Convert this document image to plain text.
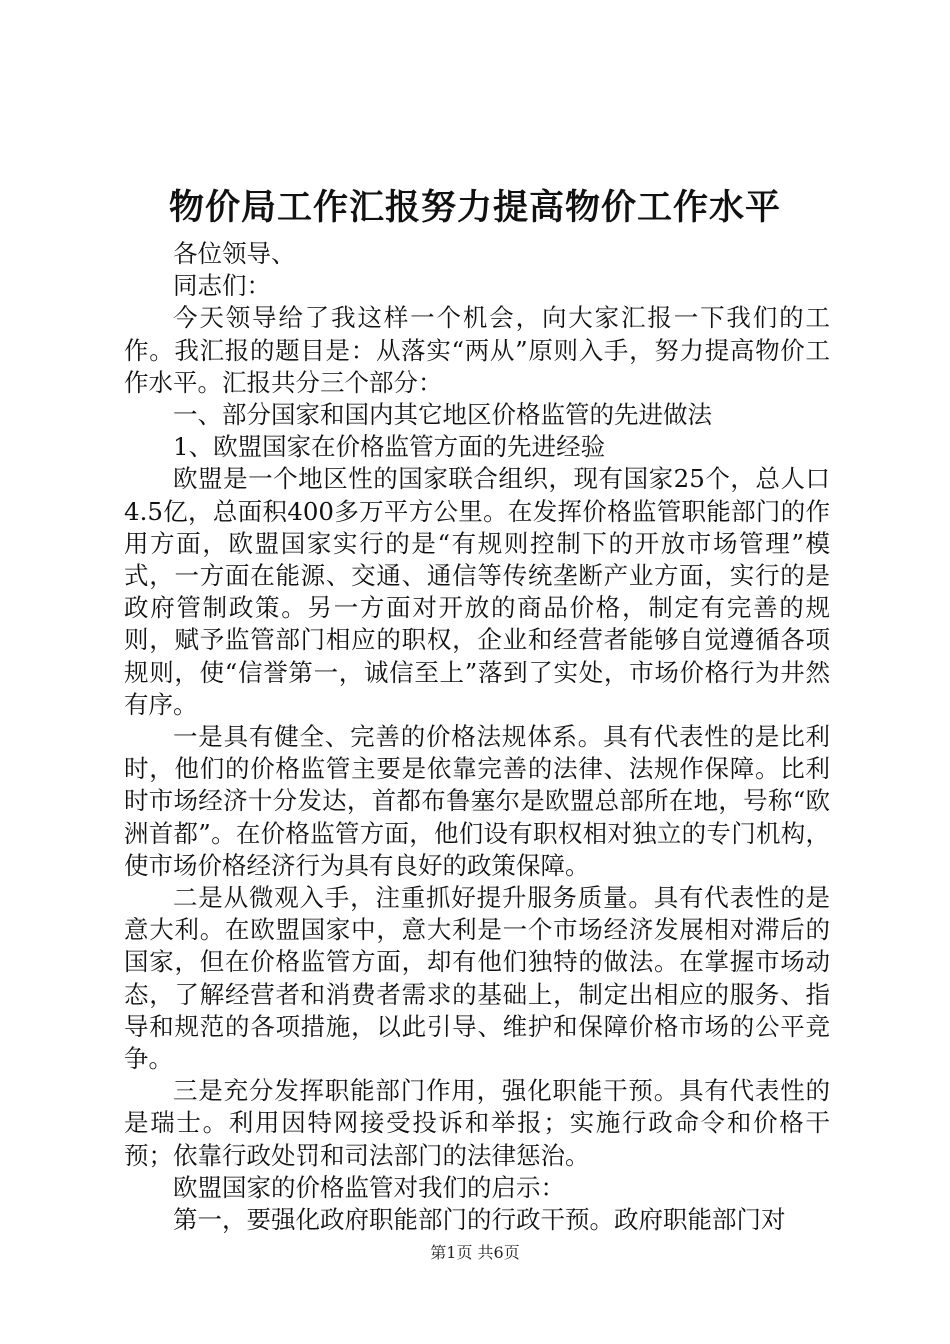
物价局工作汇报努力提高物价工作水平

各位领导、

同志们：

今天领导给了我这样一个机会，向大家汇报一下我们的工作。我汇报的题目是：从落实“两从”原则入手，努力提高物价工作水平。汇报共分三个部分：

一、部分国家和国内其它地区价格监管的先进做法

1、欧盟国家在价格监管方面的先进经验

欧盟是一个地区性的国家联合组织，现有国家25个，总人口4.5亿，总面积400多万平方公里。在发挥价格监管职能部门的作用方面，欧盟国家实行的是“有规则控制下的开放市场管理”模式，一方面在能源、交通、通信等传统垄断产业方面，实行的是政府管制政策。另一方面对开放的商品价格，制定有完善的规则，赋予监管部门相应的职权，企业和经营者能够自觉遵循各项规则，使“信誉第一，诚信至上”落到了实处，市场价格行为井然有序。

一是具有健全、完善的价格法规体系。具有代表性的是比利时，他们的价格监管主要是依靠完善的法律、法规作保障。比利时市场经济十分发达，首都布鲁塞尔是欧盟总部所在地，号称“欧洲首都”。在价格监管方面，他们设有职权相对独立的专门机构，使市场价格经济行为具有良好的政策保障。

二是从微观入手，注重抓好提升服务质量。具有代表性的是意大利。在欧盟国家中，意大利是一个市场经济发展相对滞后的国家，但在价格监管方面，却有他们独特的做法。在掌握市场动态，了解经营者和消费者需求的基础上，制定出相应的服务、指导和规范的各项措施，以此引导、维护和保障价格市场的公平竞争。

三是充分发挥职能部门作用，强化职能干预。具有代表性的是瑞士。利用因特网接受投诉和举报；实施行政命令和价格干预；依靠行政处罚和司法部门的法律惩治。

欧盟国家的价格监管对我们的启示：

第一，要强化政府职能部门的行政干预。政府职能部门对

第1页 共6页
